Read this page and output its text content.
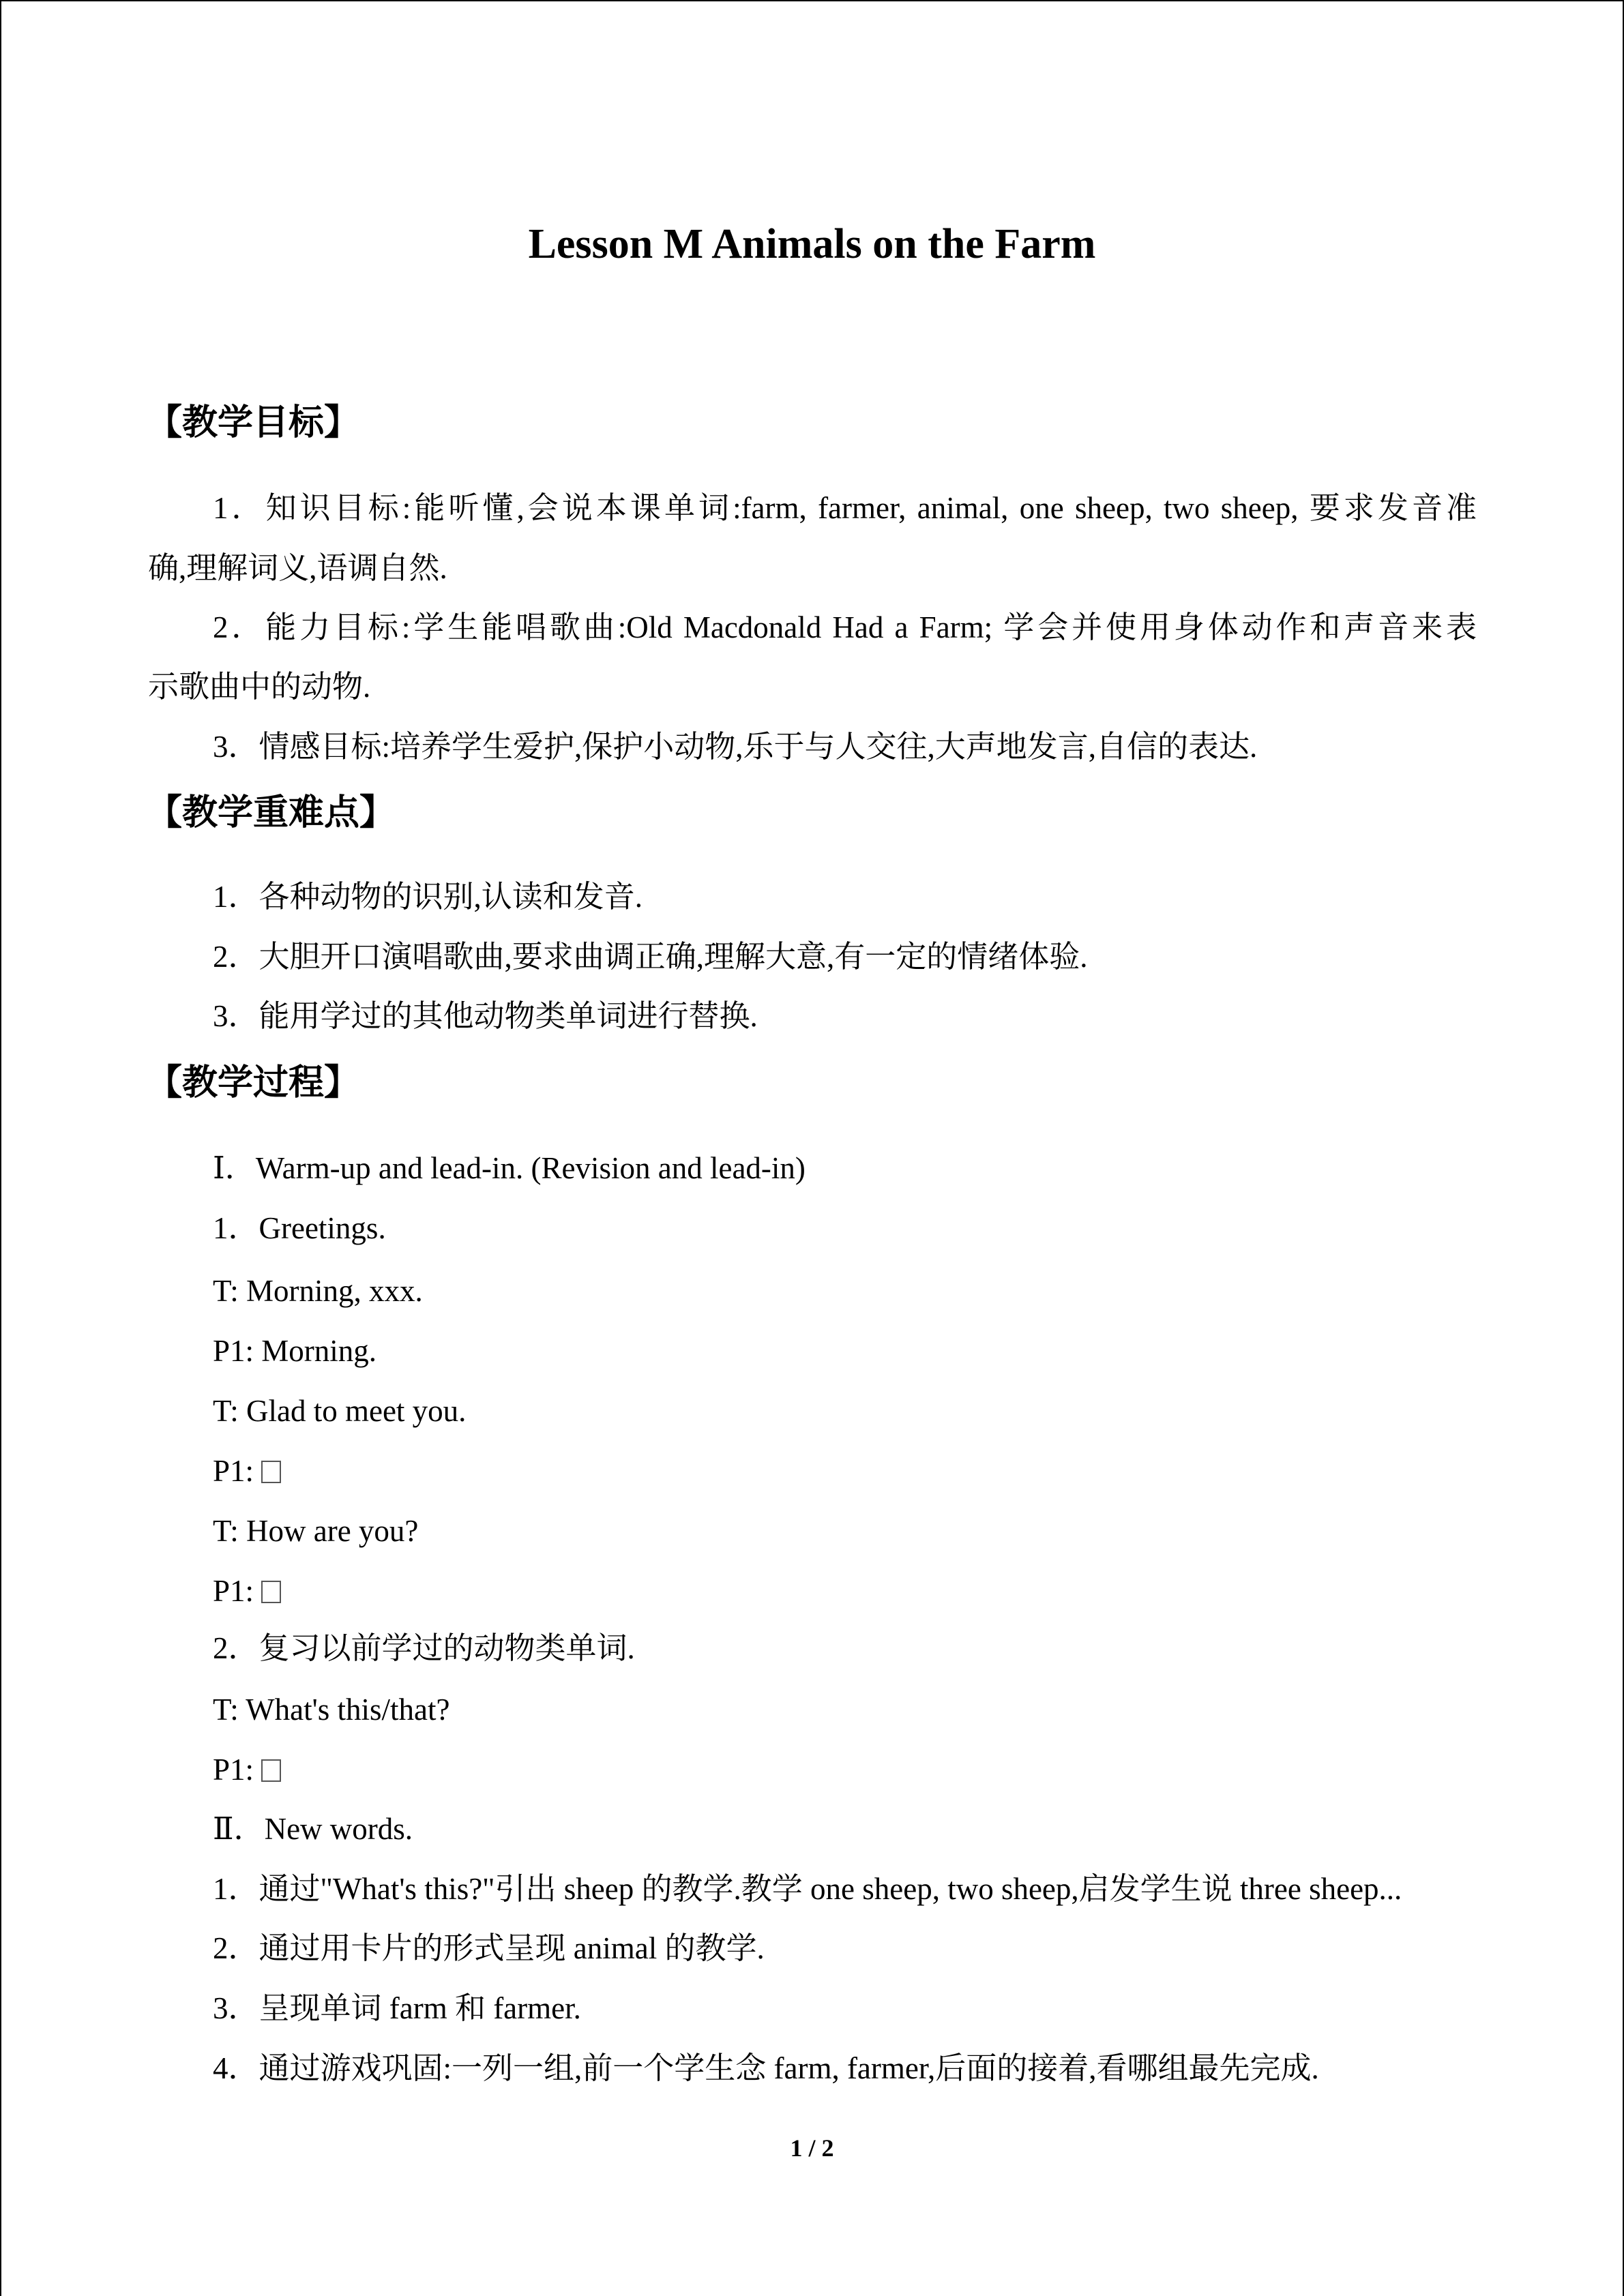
Lesson M Animals on the Farm
【教学目标】
1．知识目标:能听懂,会说本课单词:farm, farmer, animal, one sheep, two sheep, 要求发音准
确,理解词义,语调自然.
2．能力目标:学生能唱歌曲:Old Macdonald Had a Farm; 学会并使用身体动作和声音来表
示歌曲中的动物.
3．情感目标:培养学生爱护,保护小动物,乐于与人交往,大声地发言,自信的表达.
【教学重难点】
1．各种动物的识别,认读和发音.
2．大胆开口演唱歌曲,要求曲调正确,理解大意,有一定的情绪体验.
3．能用学过的其他动物类单词进行替换.
【教学过程】
Ⅰ．Warm-up and lead-in. (Revision and lead-in)
1．Greetings.
T: Morning, xxx.
P1: Morning.
T: Glad to meet you.
P1:
T: How are you?
P1:
2．复习以前学过的动物类单词.
T: What's this/that?
P1:
Ⅱ．New words.
1．通过"What's this?"引出 sheep 的教学.教学 one sheep, two sheep,启发学生说 three sheep...
2．通过用卡片的形式呈现 animal 的教学.
3．呈现单词 farm 和 farmer.
4．通过游戏巩固:一列一组,前一个学生念 farm, farmer,后面的接着,看哪组最先完成.
1 / 2
